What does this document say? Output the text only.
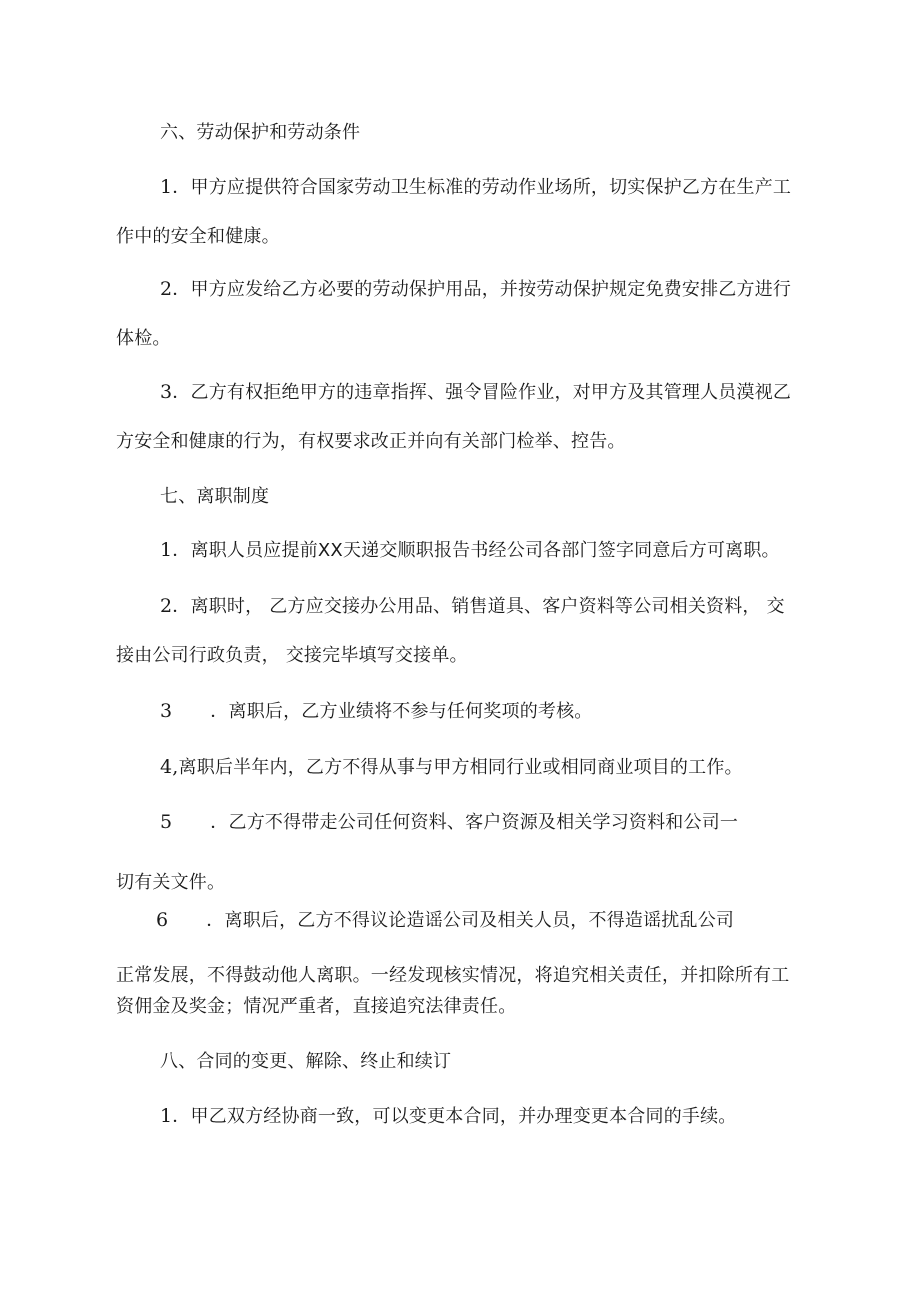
六、劳动保护和劳动条件
1．甲方应提供符合国家劳动卫生标准的劳动作业场所，切实保护乙方在生产工
作中的安全和健康。
2．甲方应发给乙方必要的劳动保护用品，并按劳动保护规定免费安排乙方进行
体检。
3．乙方有权拒绝甲方的违章指挥、强令冒险作业，对甲方及其管理人员漠视乙
方安全和健康的行为，有权要求改正并向有关部门检举、控告。
七、离职制度
1．离职人员应提前XX天递交顺职报告书经公司各部门签字同意后方可离职。
2．离职时， 乙方应交接办公用品、销售道具、客户资料等公司相关资料， 交
接由公司行政负责， 交接完毕填写交接单。
3 ．离职后，乙方业绩将不参与任何奖项的考核。
4,离职后半年内，乙方不得从事与甲方相同行业或相同商业项目的工作。
5 ．乙方不得带走公司任何资料、客户资源及相关学习资料和公司一
切有关文件。
6 ．离职后，乙方不得议论造谣公司及相关人员，不得造谣扰乱公司
正常发展，不得鼓动他人离职。一经发现核实情况，将追究相关责任，并扣除所有工
资佣金及奖金；情况严重者，直接追究法律责任。
八、合同的变更、解除、终止和续订
1．甲乙双方经协商一致，可以变更本合同，并办理变更本合同的手续。
